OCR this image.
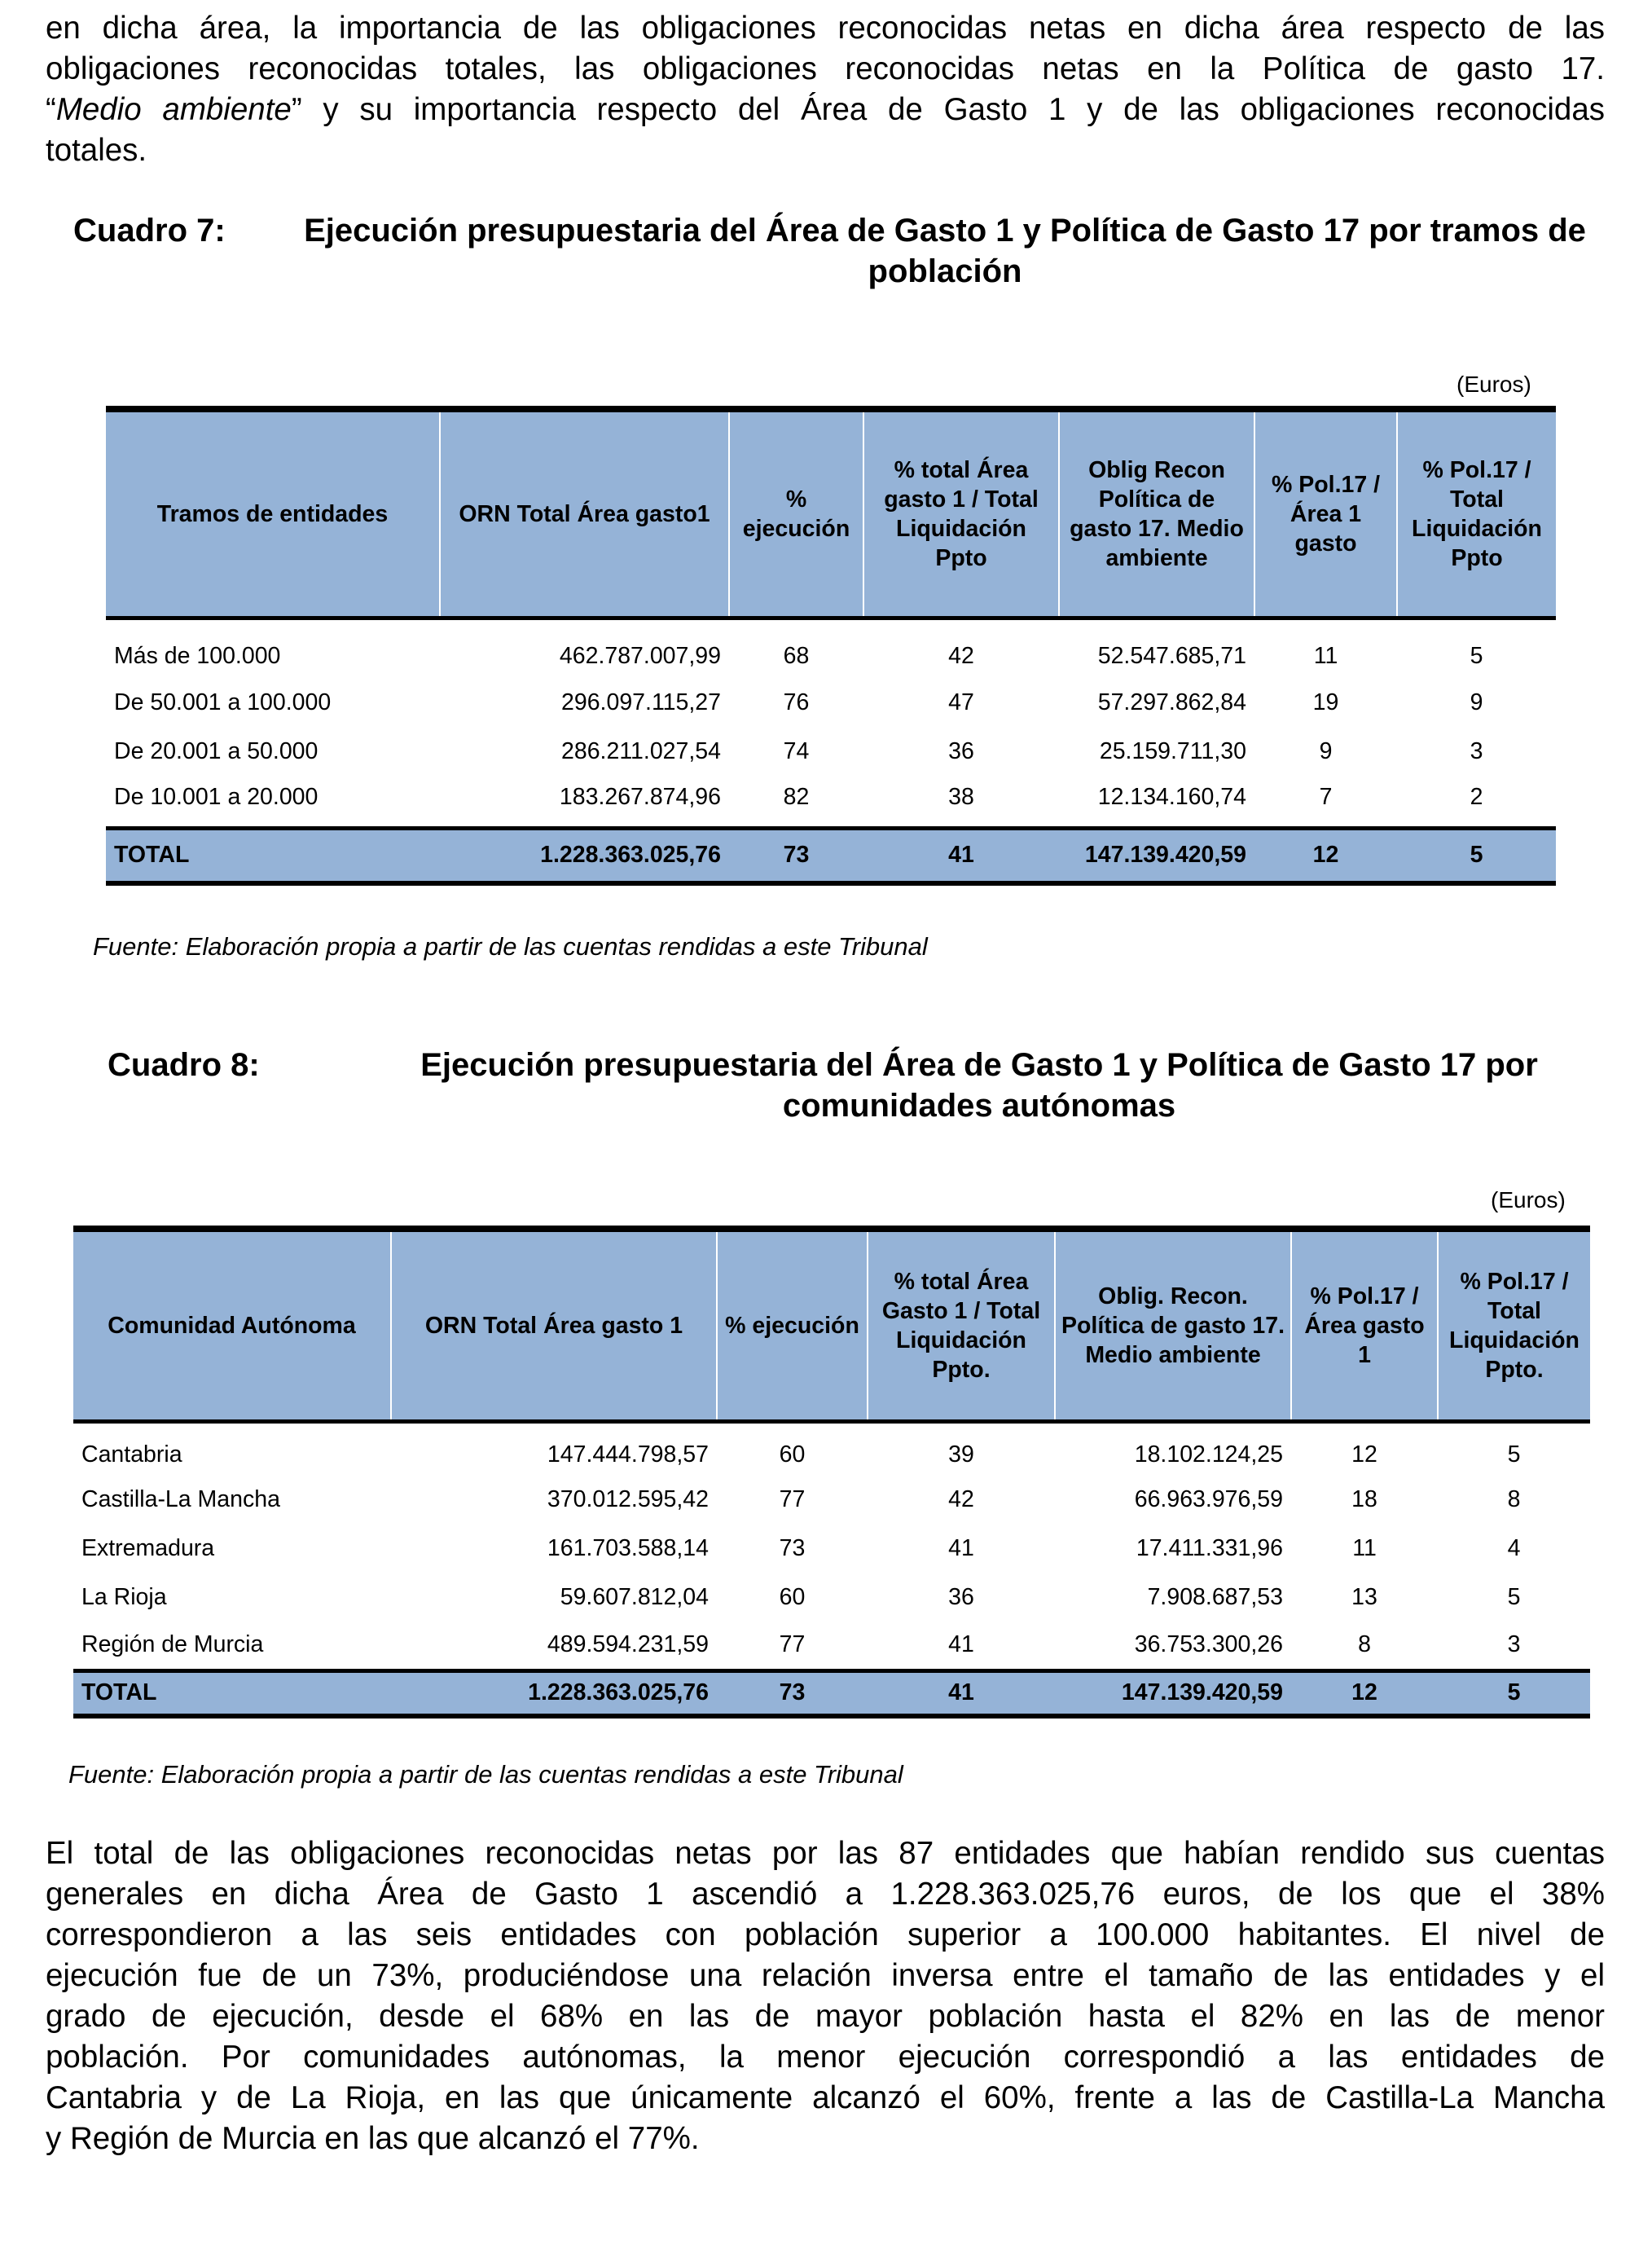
en dicha área, la importancia de las obligaciones reconocidas netas en dicha área respecto de las
obligaciones reconocidas totales, las obligaciones reconocidas netas en la Política de gasto 17.
“Medio ambiente” y su importancia respecto del Área de Gasto 1 y de las obligaciones reconocidas
totales.
Cuadro 7:	Ejecución presupuestaria del Área de Gasto 1 y Política de Gasto 17 por tramos de población
(Euros)
Tramos de entidades	ORN Total Área gasto1	% ejecución	% total Área gasto 1 / Total Liquidación Ppto	Oblig Recon Política de gasto 17. Medio ambiente	% Pol.17 / Área 1 gasto	% Pol.17 / Total Liquidación Ppto
Más de 100.000	462.787.007,99	68	42	52.547.685,71	11	5
De 50.001 a 100.000	296.097.115,27	76	47	57.297.862,84	19	9
De 20.001 a 50.000	286.211.027,54	74	36	25.159.711,30	9	3
De 10.001 a 20.000	183.267.874,96	82	38	12.134.160,74	7	2
TOTAL	1.228.363.025,76	73	41	147.139.420,59	12	5
Fuente: Elaboración propia a partir de las cuentas rendidas a este Tribunal
Cuadro 8:	Ejecución presupuestaria del Área de Gasto 1 y Política de Gasto 17 por comunidades autónomas
(Euros)
Comunidad Autónoma	ORN Total Área gasto 1	% ejecución	% total Área Gasto 1 / Total Liquidación Ppto.	Oblig. Recon. Política de gasto 17. Medio ambiente	% Pol.17 / Área gasto 1	% Pol.17 / Total Liquidación Ppto.
Cantabria	147.444.798,57	60	39	18.102.124,25	12	5
Castilla-La Mancha	370.012.595,42	77	42	66.963.976,59	18	8
Extremadura	161.703.588,14	73	41	17.411.331,96	11	4
La Rioja	59.607.812,04	60	36	7.908.687,53	13	5
Región de Murcia	489.594.231,59	77	41	36.753.300,26	8	3
TOTAL	1.228.363.025,76	73	41	147.139.420,59	12	5
Fuente: Elaboración propia a partir de las cuentas rendidas a este Tribunal
El total de las obligaciones reconocidas netas por las 87 entidades que habían rendido sus cuentas
generales en dicha Área de Gasto 1 ascendió a 1.228.363.025,76 euros, de los que el 38%
correspondieron a las seis entidades con población superior a 100.000 habitantes. El nivel de
ejecución fue de un 73%, produciéndose una relación inversa entre el tamaño de las entidades y el
grado de ejecución, desde el 68% en las de mayor población hasta el 82% en las de menor
población. Por comunidades autónomas, la menor ejecución correspondió a las entidades de
Cantabria y de La Rioja, en las que únicamente alcanzó el 60%, frente a las de Castilla-La Mancha
y Región de Murcia en las que alcanzó el 77%.
